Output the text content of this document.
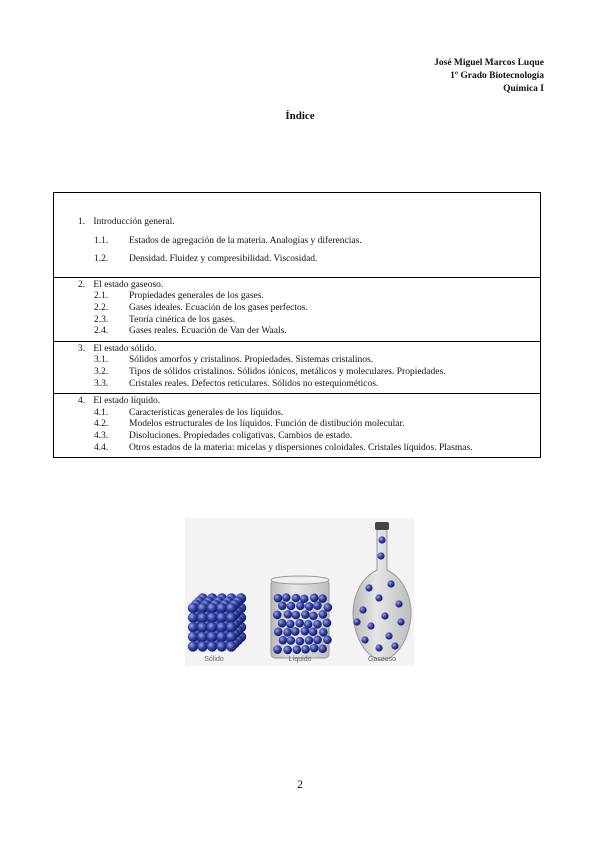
José Miguel Marcos Luque
1º Grado Biotecnología
Química I
Índice
1. Introducción general.
1.1. Estados de agregación de la materia. Analogías y diferencias.
1.2. Densidad. Fluidez y compresibilidad. Viscosidad.
2. El estado gaseoso.
2.1. Propiedades generales de los gases.
2.2. Gases ideales. Ecuación de los gases perfectos.
2.3. Teoría cinética de los gases.
2.4. Gases reales. Ecuación de Van der Waals.
3. El estado sólido.
3.1. Sólidos amorfos y cristalinos. Propiedades. Sistemas cristalinos.
3.2. Tipos de sólidos cristalinos. Sólidos iónicos, metálicos y moleculares. Propiedades.
3.3. Cristales reales. Defectos reticulares. Sólidos no estequiométicos.
4. El estado líquido.
4.1. Características generales de los líquidos.
4.2. Modelos estructurales de los líquidos. Función de distibución molecular.
4.3. Disoluciones. Propiedades coligativas. Cambios de estado.
4.4. Otros estados de la materia: micelas y dispersiones coloidales. Cristales líquidos. Plasmas.
Sólido	Líquido	Gaseoso
2
